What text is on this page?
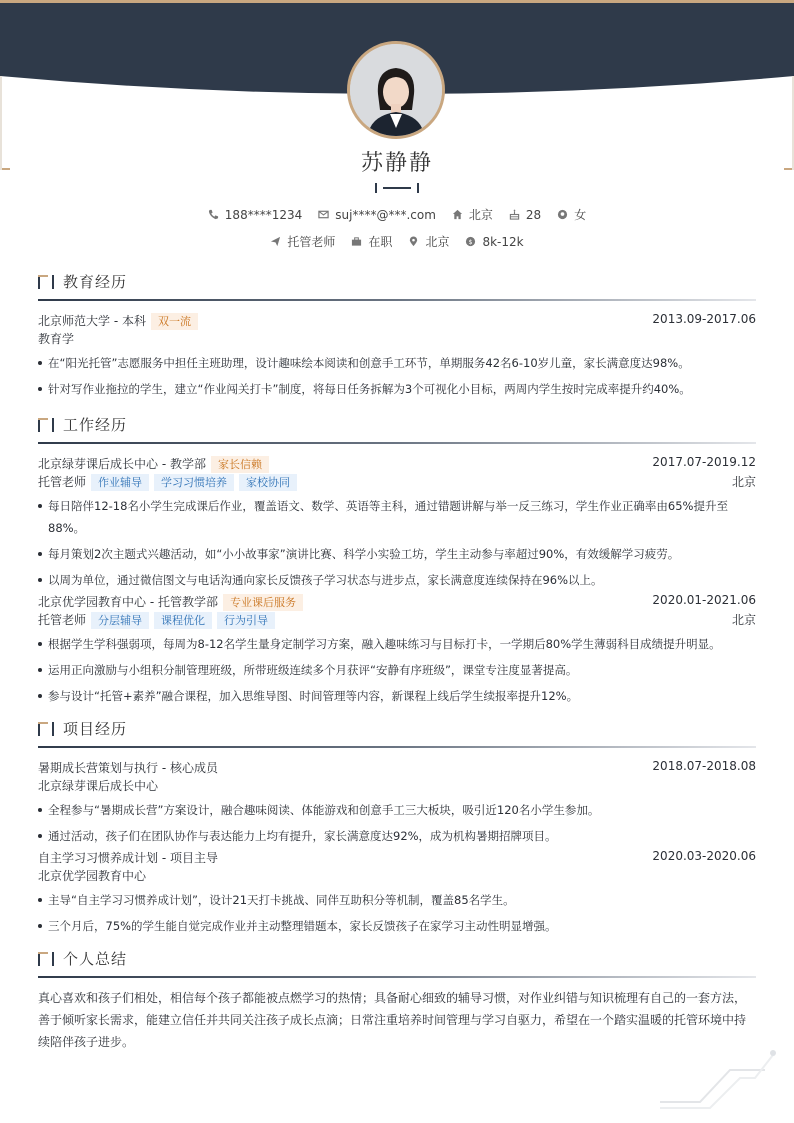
苏静静
188****1234	suj****@***.com	北京	28	女
托管老师	在职	北京	$ 8k-12k
教育经历
北京师范大学 - 本科 双一流	2013.09-2017.06
教育学
在“阳光托管”志愿服务中担任主班助理，设计趣味绘本阅读和创意手工环节，单期服务42名6-10岁儿童，家长满意度达98%。
针对写作业拖拉的学生，建立“作业闯关打卡”制度，将每日任务拆解为3个可视化小目标，两周内学生按时完成率提升约40%。
工作经历
北京绿芽课后成长中心 - 教学部 家长信赖	2017.07-2019.12
托管老师 作业辅导 学习习惯培养 家校协同	北京
每日陪伴12-18名小学生完成课后作业，覆盖语文、数学、英语等主科，通过错题讲解与举一反三练习，学生作业正确率由65%提升至88%。
每月策划2次主题式兴趣活动，如“小小故事家”演讲比赛、科学小实验工坊，学生主动参与率超过90%，有效缓解学习疲劳。
以周为单位，通过微信图文与电话沟通向家长反馈孩子学习状态与进步点，家长满意度连续保持在96%以上。
北京优学园教育中心 - 托管教学部 专业课后服务	2020.01-2021.06
托管老师 分层辅导 课程优化 行为引导	北京
根据学生学科强弱项，每周为8-12名学生量身定制学习方案，融入趣味练习与目标打卡，一学期后80%学生薄弱科目成绩提升明显。
运用正向激励与小组积分制管理班级，所带班级连续多个月获评“安静有序班级”，课堂专注度显著提高。
参与设计“托管+素养”融合课程，加入思维导图、时间管理等内容，新课程上线后学生续报率提升12%。
项目经历
暑期成长营策划与执行 - 核心成员	2018.07-2018.08
北京绿芽课后成长中心
全程参与“暑期成长营”方案设计，融合趣味阅读、体能游戏和创意手工三大板块，吸引近120名小学生参加。
通过活动，孩子们在团队协作与表达能力上均有提升，家长满意度达92%，成为机构暑期招牌项目。
自主学习习惯养成计划 - 项目主导	2020.03-2020.06
北京优学园教育中心
主导“自主学习习惯养成计划”，设计21天打卡挑战、同伴互助积分等机制，覆盖85名学生。
三个月后，75%的学生能自觉完成作业并主动整理错题本，家长反馈孩子在家学习主动性明显增强。
个人总结
真心喜欢和孩子们相处，相信每个孩子都能被点燃学习的热情；具备耐心细致的辅导习惯，对作业纠错与知识梳理有自己的一套方法，善于倾听家长需求，能建立信任并共同关注孩子成长点滴；日常注重培养时间管理与学习自驱力，希望在一个踏实温暖的托管环境中持续陪伴孩子进步。
